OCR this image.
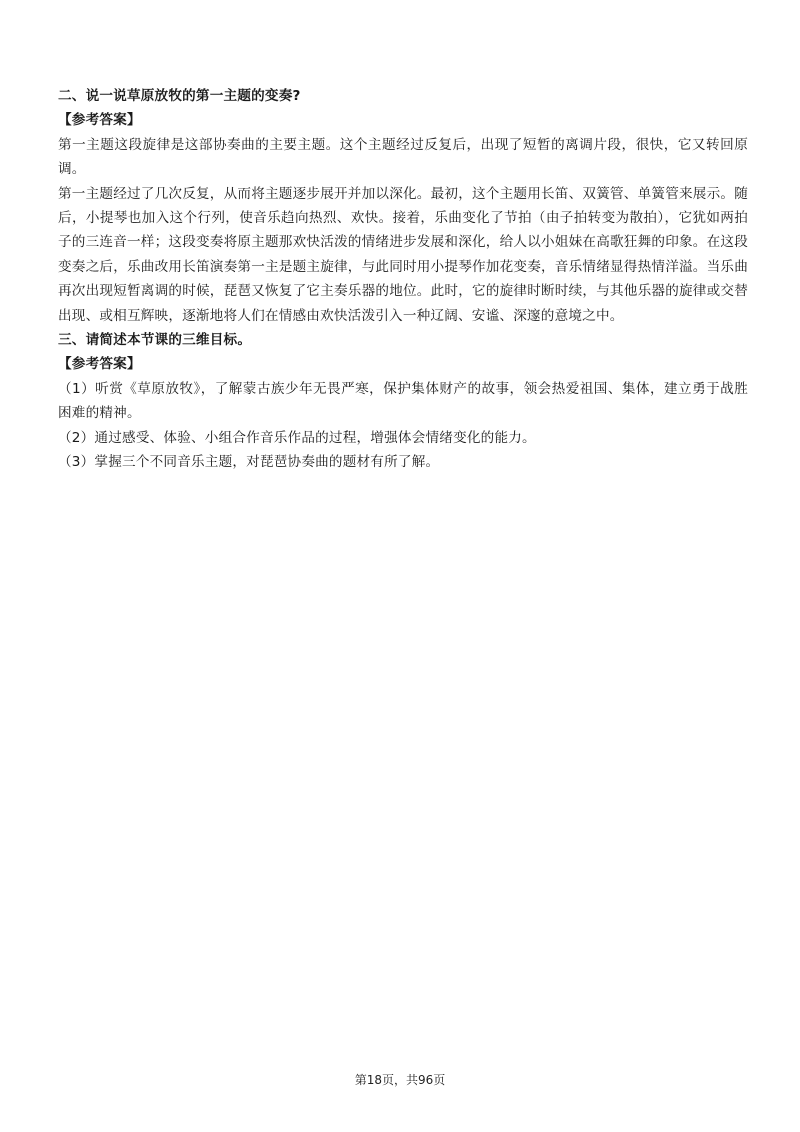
二、说一说草原放牧的第一主题的变奏?

【参考答案】

第一主题这段旋律是这部协奏曲的主要主题。这个主题经过反复后，出现了短暂的离调片段，很快，它又转回原调。

第一主题经过了几次反复，从而将主题逐步展开并加以深化。最初，这个主题用长笛、双簧管、单簧管来展示。随后，小提琴也加入这个行列，使音乐趋向热烈、欢快。接着，乐曲变化了节拍（由子拍转变为散拍），它犹如两拍子的三连音一样；这段变奏将原主题那欢快活泼的情绪进步发展和深化，给人以小姐妹在高歌狂舞的印象。在这段变奏之后，乐曲改用长笛演奏第一主是题主旋律，与此同时用小提琴作加花变奏，音乐情绪显得热情洋溢。当乐曲再次出现短暂离调的时候，琵琶又恢复了它主奏乐器的地位。此时，它的旋律时断时续，与其他乐器的旋律或交替出现、或相互辉映，逐渐地将人们在情感由欢快活泼引入一种辽阔、安谧、深邃的意境之中。

三、请简述本节课的三维目标。

【参考答案】

（1）听赏《草原放牧》，了解蒙古族少年无畏严寒，保护集体财产的故事，领会热爱祖国、集体，建立勇于战胜困难的精神。

（2）通过感受、体验、小组合作音乐作品的过程，增强体会情绪变化的能力。

（3）掌握三个不同音乐主题，对琵琶协奏曲的题材有所了解。

第18页，共96页
